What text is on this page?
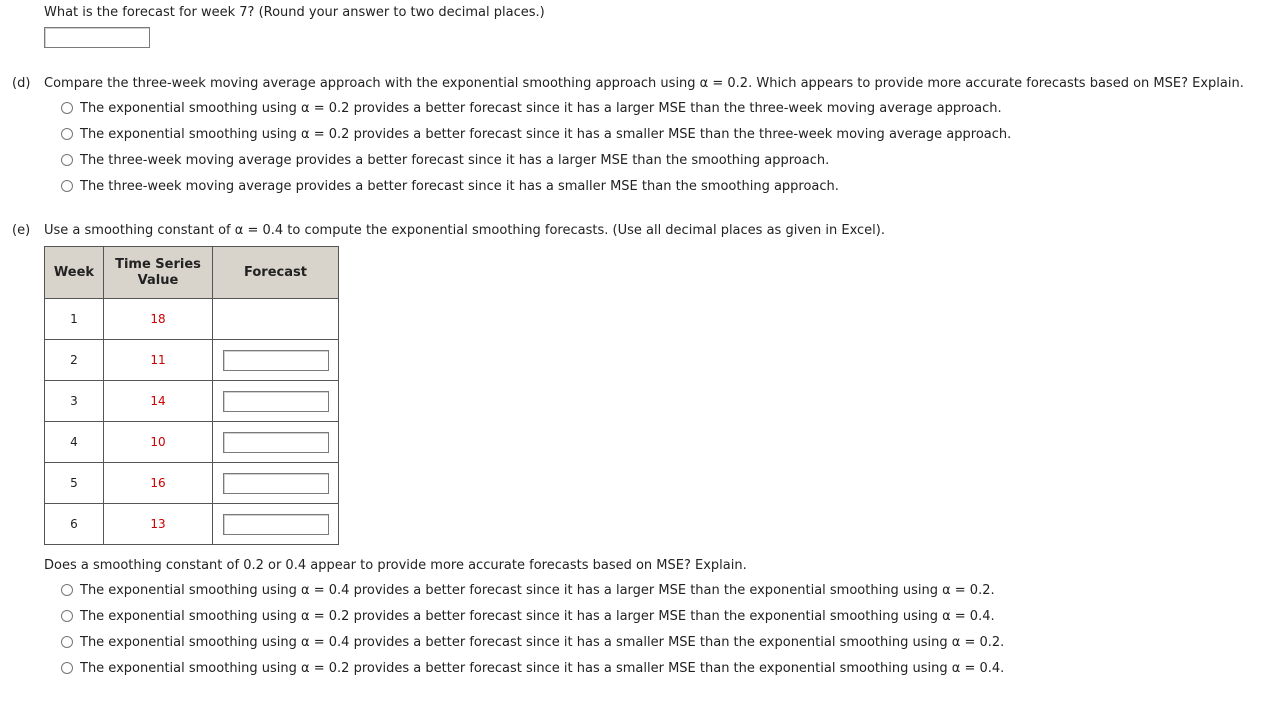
What is the forecast for week 7? (Round your answer to two decimal places.)
(d) Compare the three-week moving average approach with the exponential smoothing approach using α = 0.2. Which appears to provide more accurate forecasts based on MSE? Explain.
The exponential smoothing using α = 0.2 provides a better forecast since it has a larger MSE than the three-week moving average approach.
The exponential smoothing using α = 0.2 provides a better forecast since it has a smaller MSE than the three-week moving average approach.
The three-week moving average provides a better forecast since it has a larger MSE than the smoothing approach.
The three-week moving average provides a better forecast since it has a smaller MSE than the smoothing approach.
(e) Use a smoothing constant of α = 0.4 to compute the exponential smoothing forecasts. (Use all decimal places as given in Excel).
Week	Time Series Value	Forecast
1	18	
2	11	

3	14	

4	10	

5	16	

6	13	
Does a smoothing constant of 0.2 or 0.4 appear to provide more accurate forecasts based on MSE? Explain.
The exponential smoothing using α = 0.4 provides a better forecast since it has a larger MSE than the exponential smoothing using α = 0.2.
The exponential smoothing using α = 0.2 provides a better forecast since it has a larger MSE than the exponential smoothing using α = 0.4.
The exponential smoothing using α = 0.4 provides a better forecast since it has a smaller MSE than the exponential smoothing using α = 0.2.
The exponential smoothing using α = 0.2 provides a better forecast since it has a smaller MSE than the exponential smoothing using α = 0.4.
